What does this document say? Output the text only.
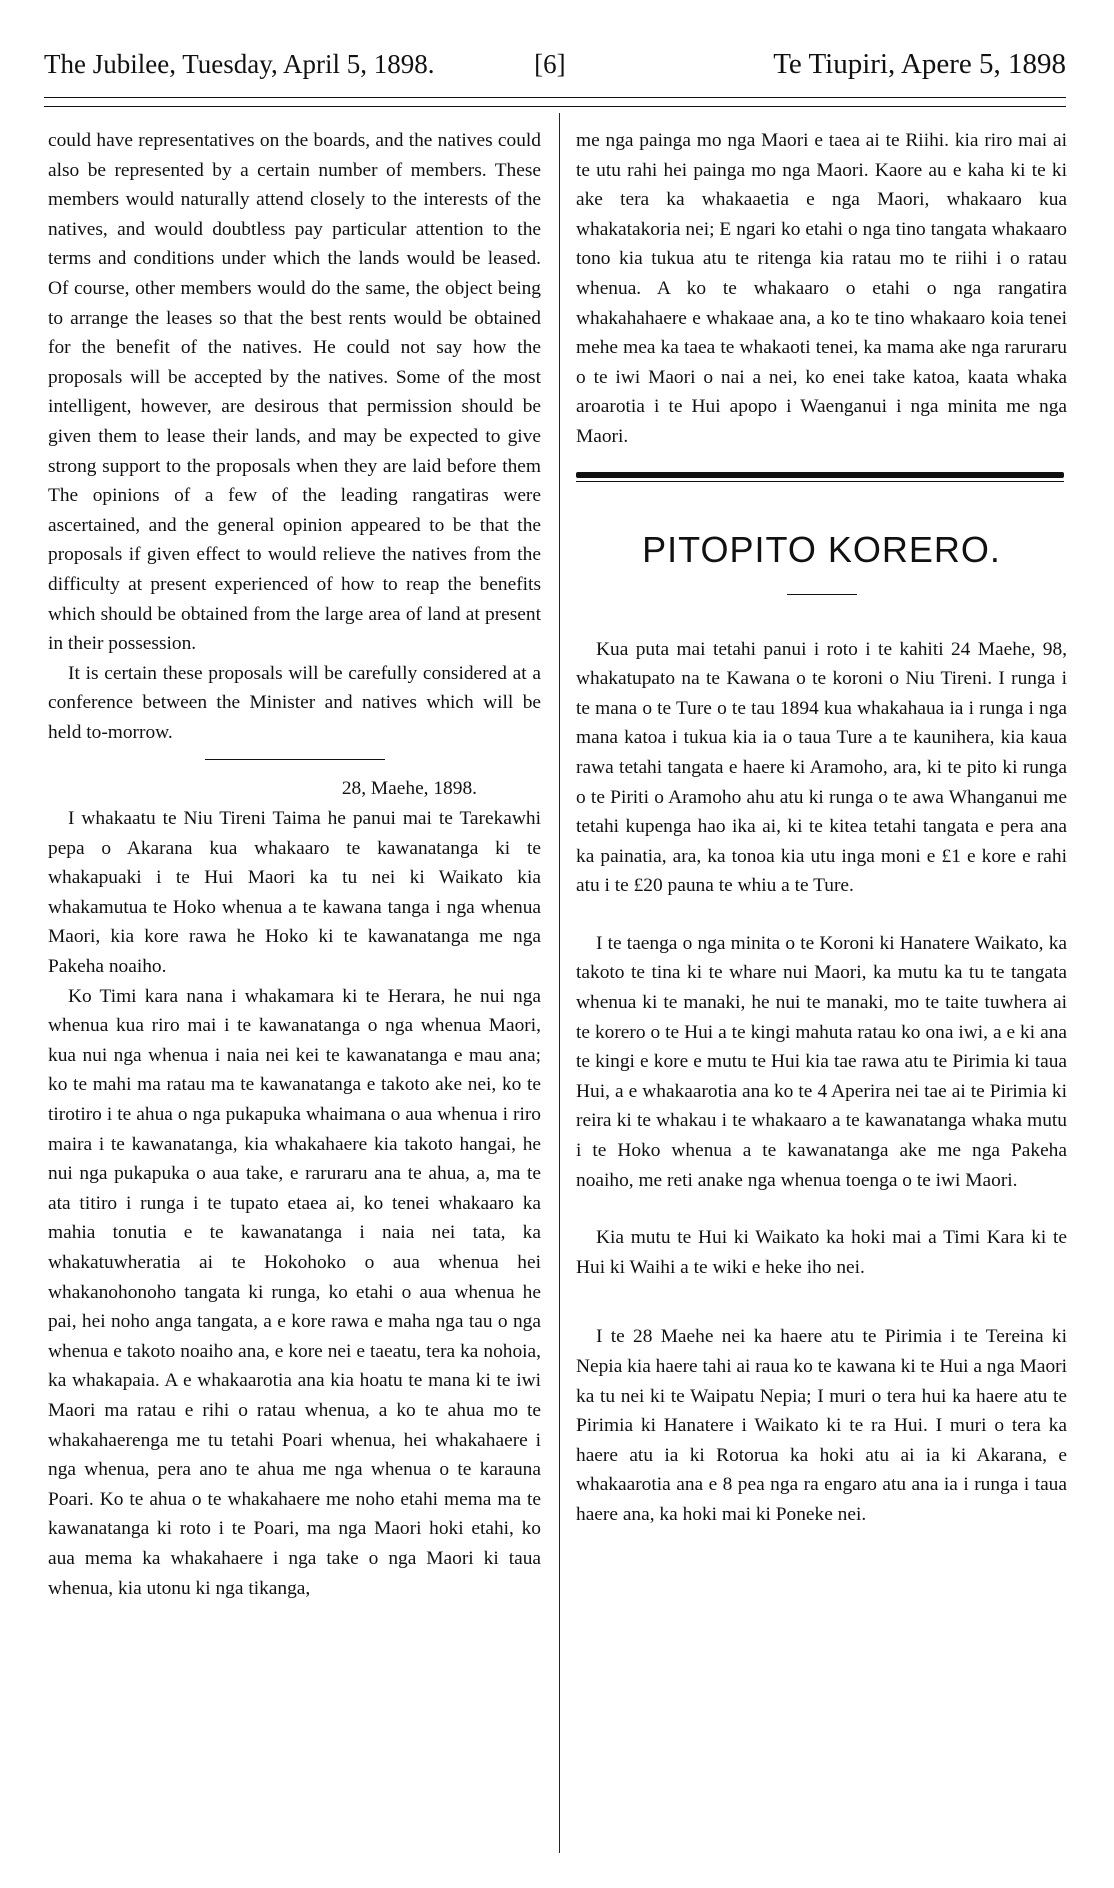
The Jubilee, Tuesday, April 5, 1898.	[6]	Te Tiupiri, Apere 5, 1898

could have representatives on the boards, and the natives could also be represented by a certain number of members. These members would naturally attend closely to the interests of the natives, and would doubtless pay particular attention to the terms and conditions under which the lands would be leased. Of course, other members would do the same, the object being to arrange the leases so that the best rents would be obtained for the benefit of the natives. He could not say how the proposals will be accepted by the natives. Some of the most intelligent, however, are desirous that permission should be given them to lease their lands, and may be expected to give strong support to the proposals when they are laid before them The opinions of a few of the leading rangatiras were ascertained, and the general opinion appeared to be that the proposals if given effect to would relieve the natives from the difficulty at present experienced of how to reap the benefits which should be obtained from the large area of land at present in their possession.

It is certain these proposals will be carefully considered at a conference between the Minister and natives which will be held to-morrow.

28, Maehe, 1898.

I whakaatu te Niu Tireni Taima he panui mai te Tarekawhi pepa o Akarana kua whakaaro te kawanatanga ki te whakapuaki i te Hui Maori ka tu nei ki Waikato kia whakamutua te Hoko whenua a te kawana tanga i nga whenua Maori, kia kore rawa he Hoko ki te kawanatanga me nga Pakeha noaiho.

Ko Timi kara nana i whakamara ki te Herara, he nui nga whenua kua riro mai i te kawanatanga o nga whenua Maori, kua nui nga whenua i naia nei kei te kawanatanga e mau ana; ko te mahi ma ratau ma te kawanatanga e takoto ake nei, ko te tirotiro i te ahua o nga pukapuka whaimana o aua whenua i riro maira i te kawanatanga, kia whakahaere kia takoto hangai, he nui nga pukapuka o aua take, e raruraru ana te ahua, a, ma te ata titiro i runga i te tupato etaea ai, ko tenei whakaaro ka mahia tonutia e te kawanatanga i naia nei tata, ka whakatuwheratia ai te Hokohoko o aua whenua hei whakanohonoho tangata ki runga, ko etahi o aua whenua he pai, hei noho anga tangata, a e kore rawa e maha nga tau o nga whenua e takoto noaiho ana, e kore nei e taeatu, tera ka nohoia, ka whakapaia. A e whakaarotia ana kia hoatu te mana ki te iwi Maori ma ratau e rihi o ratau whenua, a ko te ahua mo te whakahaerenga me tu tetahi Poari whenua, hei whakahaere i nga whenua, pera ano te ahua me nga whenua o te karauna Poari. Ko te ahua o te whakahaere me noho etahi mema ma te kawanatanga ki roto i te Poari, ma nga Maori hoki etahi, ko aua mema ka whakahaere i nga take o nga Maori ki taua whenua, kia utonu ki nga tikanga,

me nga painga mo nga Maori e taea ai te Riihi. kia riro mai ai te utu rahi hei painga mo nga Maori. Kaore au e kaha ki te ki ake tera ka whakaaetia e nga Maori, whakaaro kua whakatakoria nei; E ngari ko etahi o nga tino tangata whakaaro tono kia tukua atu te ritenga kia ratau mo te riihi i o ratau whenua. A ko te whakaaro o etahi o nga rangatira whakahahaere e whakaae ana, a ko te tino whakaaro koia tenei mehe mea ka taea te whakaoti tenei, ka mama ake nga raruraru o te iwi Maori o nai a nei, ko enei take katoa, kaata whaka aroarotia i te Hui apopo i Waenganui i nga minita me nga Maori.

PITOPITO KORERO.

Kua puta mai tetahi panui i roto i te kahiti 24 Maehe, 98, whakatupato na te Kawana o te koroni o Niu Tireni. I runga i te mana o te Ture o te tau 1894 kua whakahaua ia i runga i nga mana katoa i tukua kia ia o taua Ture a te kaunihera, kia kaua rawa tetahi tangata e haere ki Aramoho, ara, ki te pito ki runga o te Piriti o Aramoho ahu atu ki runga o te awa Whanganui me tetahi kupenga hao ika ai, ki te kitea tetahi tangata e pera ana ka painatia, ara, ka tonoa kia utu inga moni e £1 e kore e rahi atu i te £20 pauna te whiu a te Ture.

I te taenga o nga minita o te Koroni ki Hanatere Waikato, ka takoto te tina ki te whare nui Maori, ka mutu ka tu te tangata whenua ki te manaki, he nui te manaki, mo te taite tuwhera ai te korero o te Hui a te kingi mahuta ratau ko ona iwi, a e ki ana te kingi e kore e mutu te Hui kia tae rawa atu te Pirimia ki taua Hui, a e whakaarotia ana ko te 4 Aperira nei tae ai te Pirimia ki reira ki te whakau i te whakaaro a te kawanatanga whaka mutu i te Hoko whenua a te kawanatanga ake me nga Pakeha noaiho, me reti anake nga whenua toenga o te iwi Maori.

Kia mutu te Hui ki Waikato ka hoki mai a Timi Kara ki te Hui ki Waihi a te wiki e heke iho nei.

I te 28 Maehe nei ka haere atu te Pirimia i te Tereina ki Nepia kia haere tahi ai raua ko te kawana ki te Hui a nga Maori ka tu nei ki te Waipatu Nepia; I muri o tera hui ka haere atu te Pirimia ki Hanatere i Waikato ki te ra Hui. I muri o tera ka haere atu ia ki Rotorua ka hoki atu ai ia ki Akarana, e whakaarotia ana e 8 pea nga ra engaro atu ana ia i runga i taua haere ana, ka hoki mai ki Poneke nei.
